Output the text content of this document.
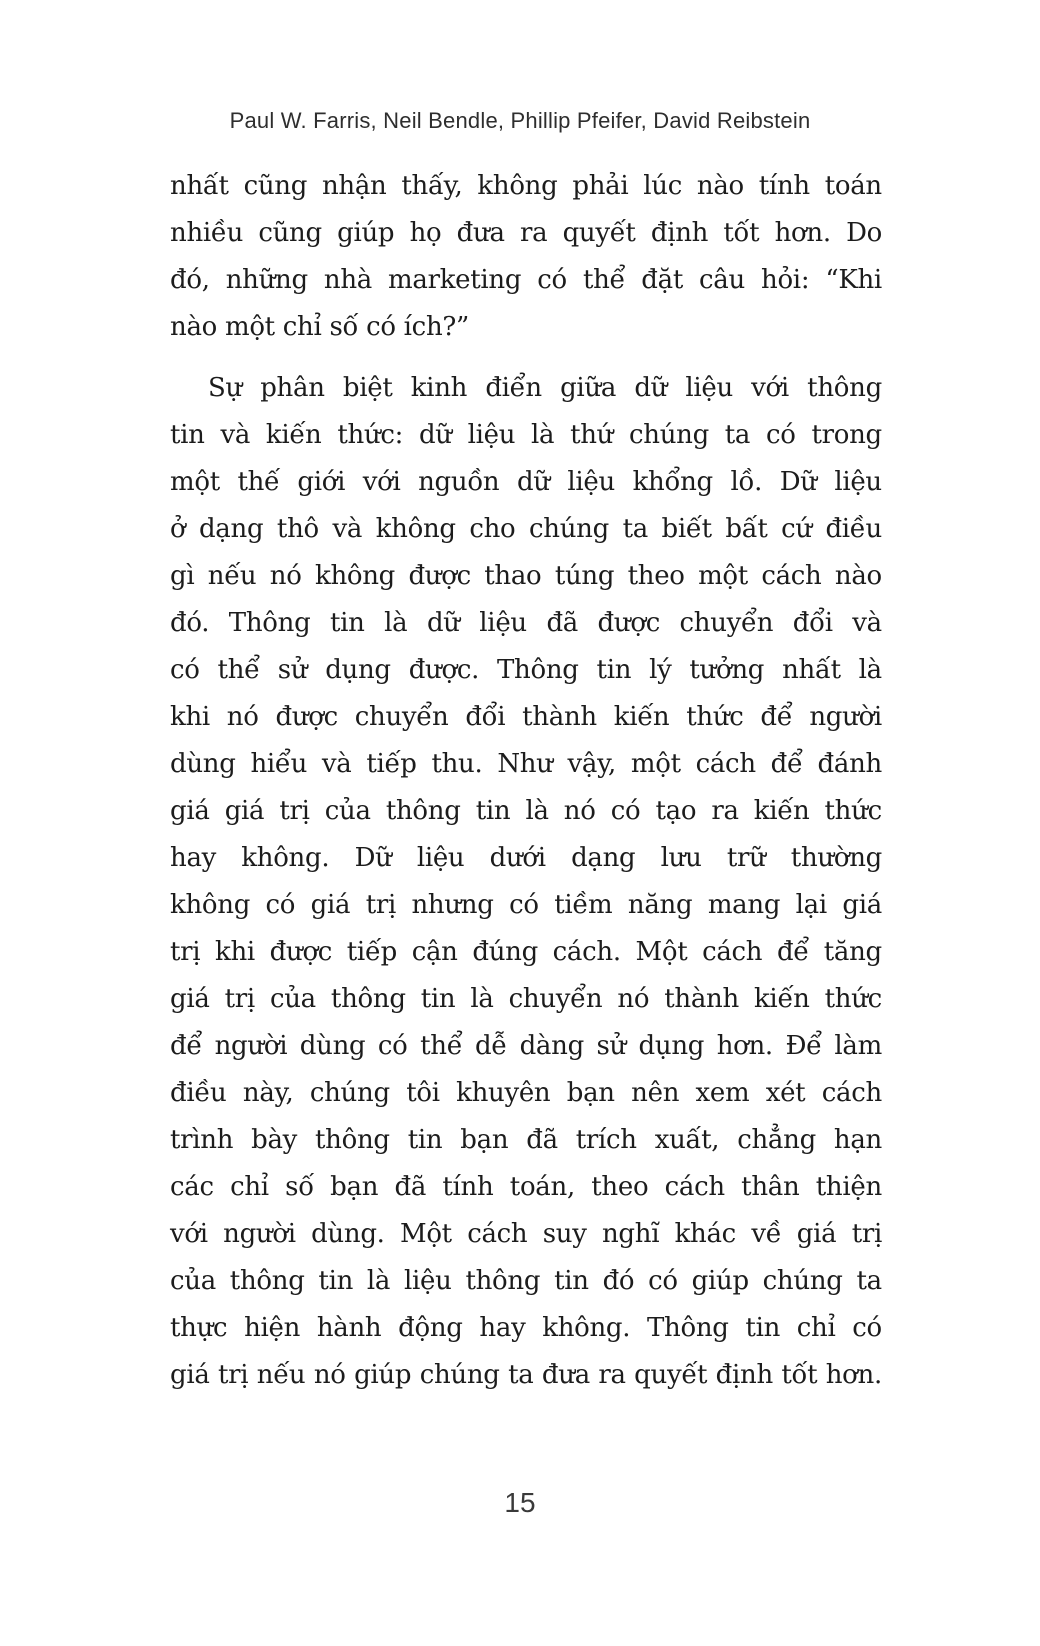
Paul W. Farris, Neil Bendle, Phillip Pfeifer, David Reibstein
nhất cũng nhận thấy, không phải lúc nào tính toán
nhiều cũng giúp họ đưa ra quyết định tốt hơn. Do
đó, những nhà marketing có thể đặt câu hỏi: “Khi
nào một chỉ số có ích?”
Sự phân biệt kinh điển giữa dữ liệu với thông
tin và kiến thức: dữ liệu là thứ chúng ta có trong
một thế giới với nguồn dữ liệu khổng lồ. Dữ liệu
ở dạng thô và không cho chúng ta biết bất cứ điều
gì nếu nó không được thao túng theo một cách nào
đó. Thông tin là dữ liệu đã được chuyển đổi và
có thể sử dụng được. Thông tin lý tưởng nhất là
khi nó được chuyển đổi thành kiến thức để người
dùng hiểu và tiếp thu. Như vậy, một cách để đánh
giá giá trị của thông tin là nó có tạo ra kiến thức
hay không. Dữ liệu dưới dạng lưu trữ thường
không có giá trị nhưng có tiềm năng mang lại giá
trị khi được tiếp cận đúng cách. Một cách để tăng
giá trị của thông tin là chuyển nó thành kiến thức
để người dùng có thể dễ dàng sử dụng hơn. Để làm
điều này, chúng tôi khuyên bạn nên xem xét cách
trình bày thông tin bạn đã trích xuất, chẳng hạn
các chỉ số bạn đã tính toán, theo cách thân thiện
với người dùng. Một cách suy nghĩ khác về giá trị
của thông tin là liệu thông tin đó có giúp chúng ta
thực hiện hành động hay không. Thông tin chỉ có
giá trị nếu nó giúp chúng ta đưa ra quyết định tốt hơn.
15
